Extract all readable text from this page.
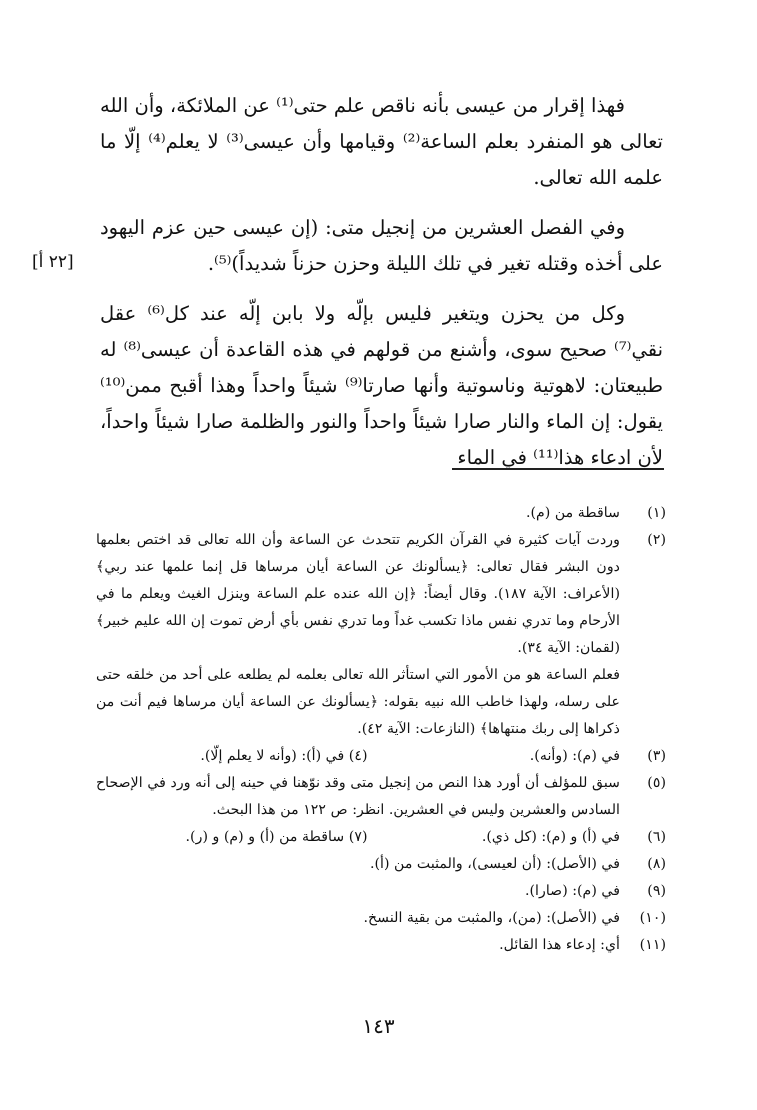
[٢٢ أ]

فهذا إقرار من عيسى بأنه ناقص علم حتى⁽¹⁾ عن الملائكة، وأن الله تعالى هو المنفرد بعلم الساعة⁽²⁾ وقيامها وأن عيسى⁽³⁾ لا يعلم⁽⁴⁾ إلّا ما علمه الله تعالى.

وفي الفصل العشرين من إنجيل متى: (إن عيسى حين عزم اليهود على أخذه وقتله تغير في تلك الليلة وحزن حزناً شديداً)⁽⁵⁾.

وكل من يحزن ويتغير فليس بإلّه ولا بابن إلّه عند كل⁽⁶⁾ عقل نقي⁽⁷⁾ صحيح سوى، وأشنع من قولهم في هذه القاعدة أن عيسى⁽⁸⁾ له طبيعتان: لاهوتية وناسوتية وأنها صارتا⁽⁹⁾ شيئاً واحداً وهذا أقبح ممن⁽¹⁰⁾ يقول: إن الماء والنار صارا شيئاً واحداً والنور والظلمة صارا شيئاً واحداً، لأن ادعاء هذا⁽¹¹⁾ في الماء

(١)
ساقطة من (م).
(٢)
وردت آيات كثيرة في القرآن الكريم تتحدث عن الساعة وأن الله تعالى قد اختص بعلمها دون البشر فقال تعالى: ﴿يسألونك عن الساعة أيان مرساها قل إنما علمها عند ربي﴾ (الأعراف: الآية ١٨٧). وقال أيضاً: ﴿إن الله عنده علم الساعة وينزل الغيث ويعلم ما في الأرحام وما تدري نفس ماذا تكسب غداً وما تدري نفس بأي أرض تموت إن الله عليم خبير﴾ (لقمان: الآية ٣٤).
فعلم الساعة هو من الأمور التي استأثر الله تعالى بعلمه لم يطلعه على أحد من خلقه حتى على رسله، ولهذا خاطب الله نبيه بقوله: ﴿يسألونك عن الساعة أيان مرساها فيم أنت من ذكراها إلى ربك منتهاها﴾ (النازعات: الآية ٤٢).
(٣)
في (م): (وأنه). (٤) في (أ): (وأنه لا يعلم إلّا).
(٥)
سبق للمؤلف أن أورد هذا النص من إنجيل متى وقد نوّهنا في حينه إلى أنه ورد في الإصحاح السادس والعشرين وليس في العشرين. انظر: ص ١٢٢ من هذا البحث.
(٦)
في (أ) و (م): (كل ذي). (٧) ساقطة من (أ) و (م) و (ر).
(٨)
في (الأصل): (أن لعيسى)، والمثبت من (أ).
(٩)
في (م): (صارا).
(١٠)
في (الأصل): (من)، والمثبت من بقية النسخ.
(١١)
أي: إدعاء هذا القائل.
١٤٣
